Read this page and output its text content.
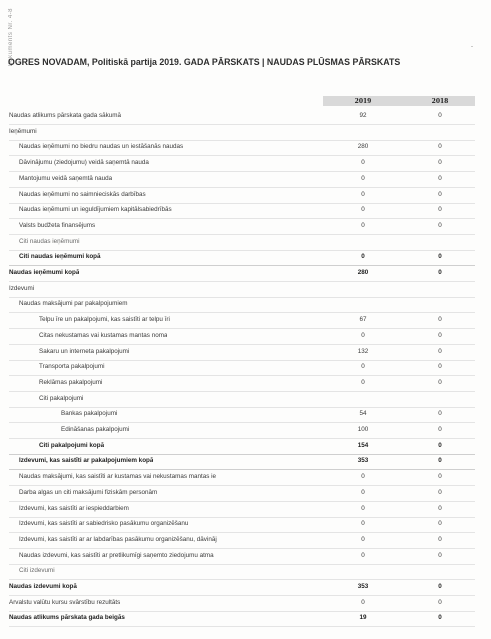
Dokuments Nr. 4-8	-
OGRES NOVADAM, Politiskā partija 2019. GADA PĀRSKATS | NAUDAS PLŪSMAS PĀRSKATS
2019	2018
Naudas atlikums pārskata gada sākumā	92	0
Ieņēmumi
Naudas ieņēmumi no biedru naudas un iestāšanās naudas	280	0
Dāvinājumu (ziedojumu) veidā saņemtā nauda	0	0
Mantojumu veidā saņemtā nauda	0	0
Naudas ieņēmumi no saimnieciskās darbības	0	0
Naudas ieņēmumi un ieguldījumiem kapitālsabiedrībās	0	0
Valsts budžeta finansējums	0	0
Citi naudas ieņēmumi
Citi naudas ieņēmumi kopā	0	0
Naudas ieņēmumi kopā	280	0
Izdevumi
Naudas maksājumi par pakalpojumiem
Telpu īre un pakalpojumi, kas saistīti ar telpu īri	67	0
Citas nekustamas vai kustamas mantas noma	0	0
Sakaru un interneta pakalpojumi	132	0
Transporta pakalpojumi	0	0
Reklāmas pakalpojumi	0	0
Citi pakalpojumi
Bankas pakalpojumi	54	0
Ēdināšanas pakalpojumi	100	0
Citi pakalpojumi kopā	154	0
Izdevumi, kas saistīti ar pakalpojumiem kopā	353	0
Naudas maksājumi, kas saistīti ar kustamas vai nekustamas mantas ie	0	0
Darba algas un citi maksājumi fiziskām personām	0	0
Izdevumi, kas saistīti ar iespieddarbiem	0	0
Izdevumi, kas saistīti ar sabiedrisko pasākumu organizēšanu	0	0
Izdevumi, kas saistīti ar ar labdarības pasākumu organizēšanu, dāvināj	0	0
Naudas izdevumi, kas saistīti ar pretlikumīgi saņemto ziedojumu atma	0	0
Citi izdevumi
Naudas izdevumi kopā	353	0
Ārvalstu valūtu kursu svārstību rezultāts	0	0
Naudas atlikums pārskata gada beigās	19	0
